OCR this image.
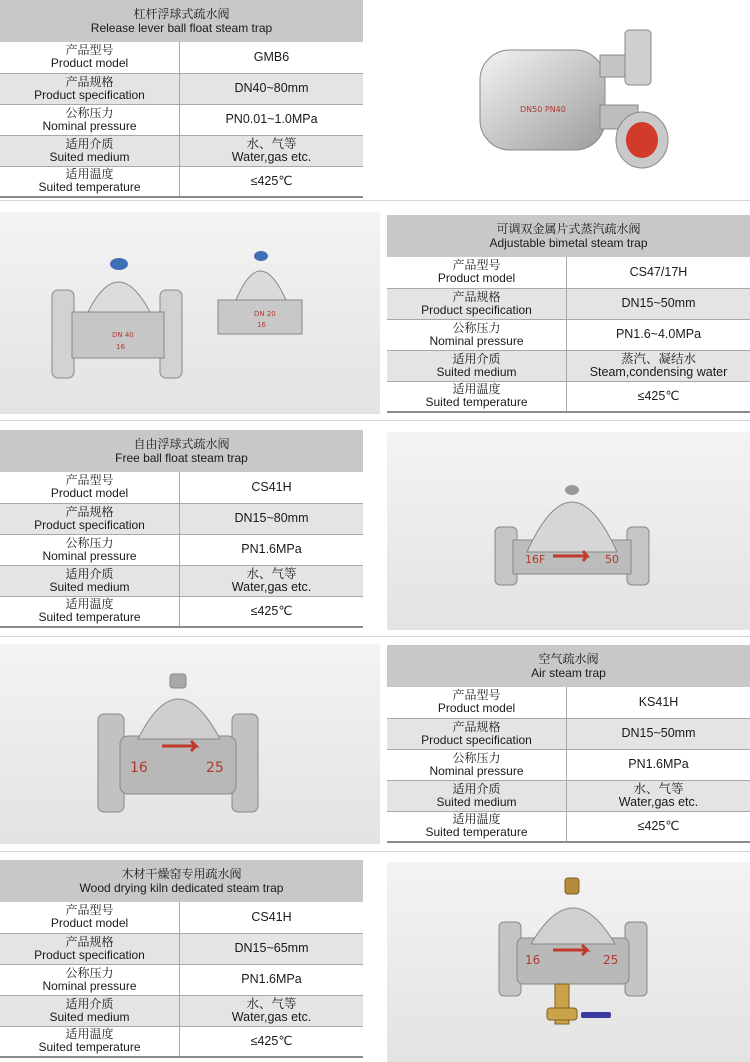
杠杆浮球式疏水阀
Release lever ball float steam trap
产品型号
Product model	GMB6
产品规格
Product specification	DN40~80mm
公称压力
Nominal pressure	PN0.01~1.0MPa
适用介质
Suited medium	水、气等
Water,gas etc.
适用温度
Suited temperature	≤425℃
DN50 PN40
DN 40
16
DN 20
16
可调双金属片式蒸汽疏水阀
Adjustable bimetal steam trap
产品型号
Product model	CS47/17H
产品规格
Product specification	DN15~50mm
公称压力
Nominal pressure	PN1.6~4.0MPa
适用介质
Suited medium	蒸汽、凝结水
Steam,condensing water
适用温度
Suited temperature	≤425℃
自由浮球式疏水阀
Free ball float steam trap
产品型号
Product model	CS41H
产品规格
Product specification	DN15~80mm
公称压力
Nominal pressure	PN1.6MPa
适用介质
Suited medium	水、气等
Water,gas etc.
适用温度
Suited temperature	≤425℃
16F	50
16	25
空气疏水阀
Air steam trap
产品型号
Product model	KS41H
产品规格
Product specification	DN15~50mm
公称压力
Nominal pressure	PN1.6MPa
适用介质
Suited medium	水、气等
Water,gas etc.
适用温度
Suited temperature	≤425℃
木材干燥窑专用疏水阀
Wood drying kiln dedicated steam trap
产品型号
Product model	CS41H
产品规格
Product specification	DN15~65mm
公称压力
Nominal pressure	PN1.6MPa
适用介质
Suited medium	水、气等
Water,gas etc.
适用温度
Suited temperature	≤425℃
16	25
